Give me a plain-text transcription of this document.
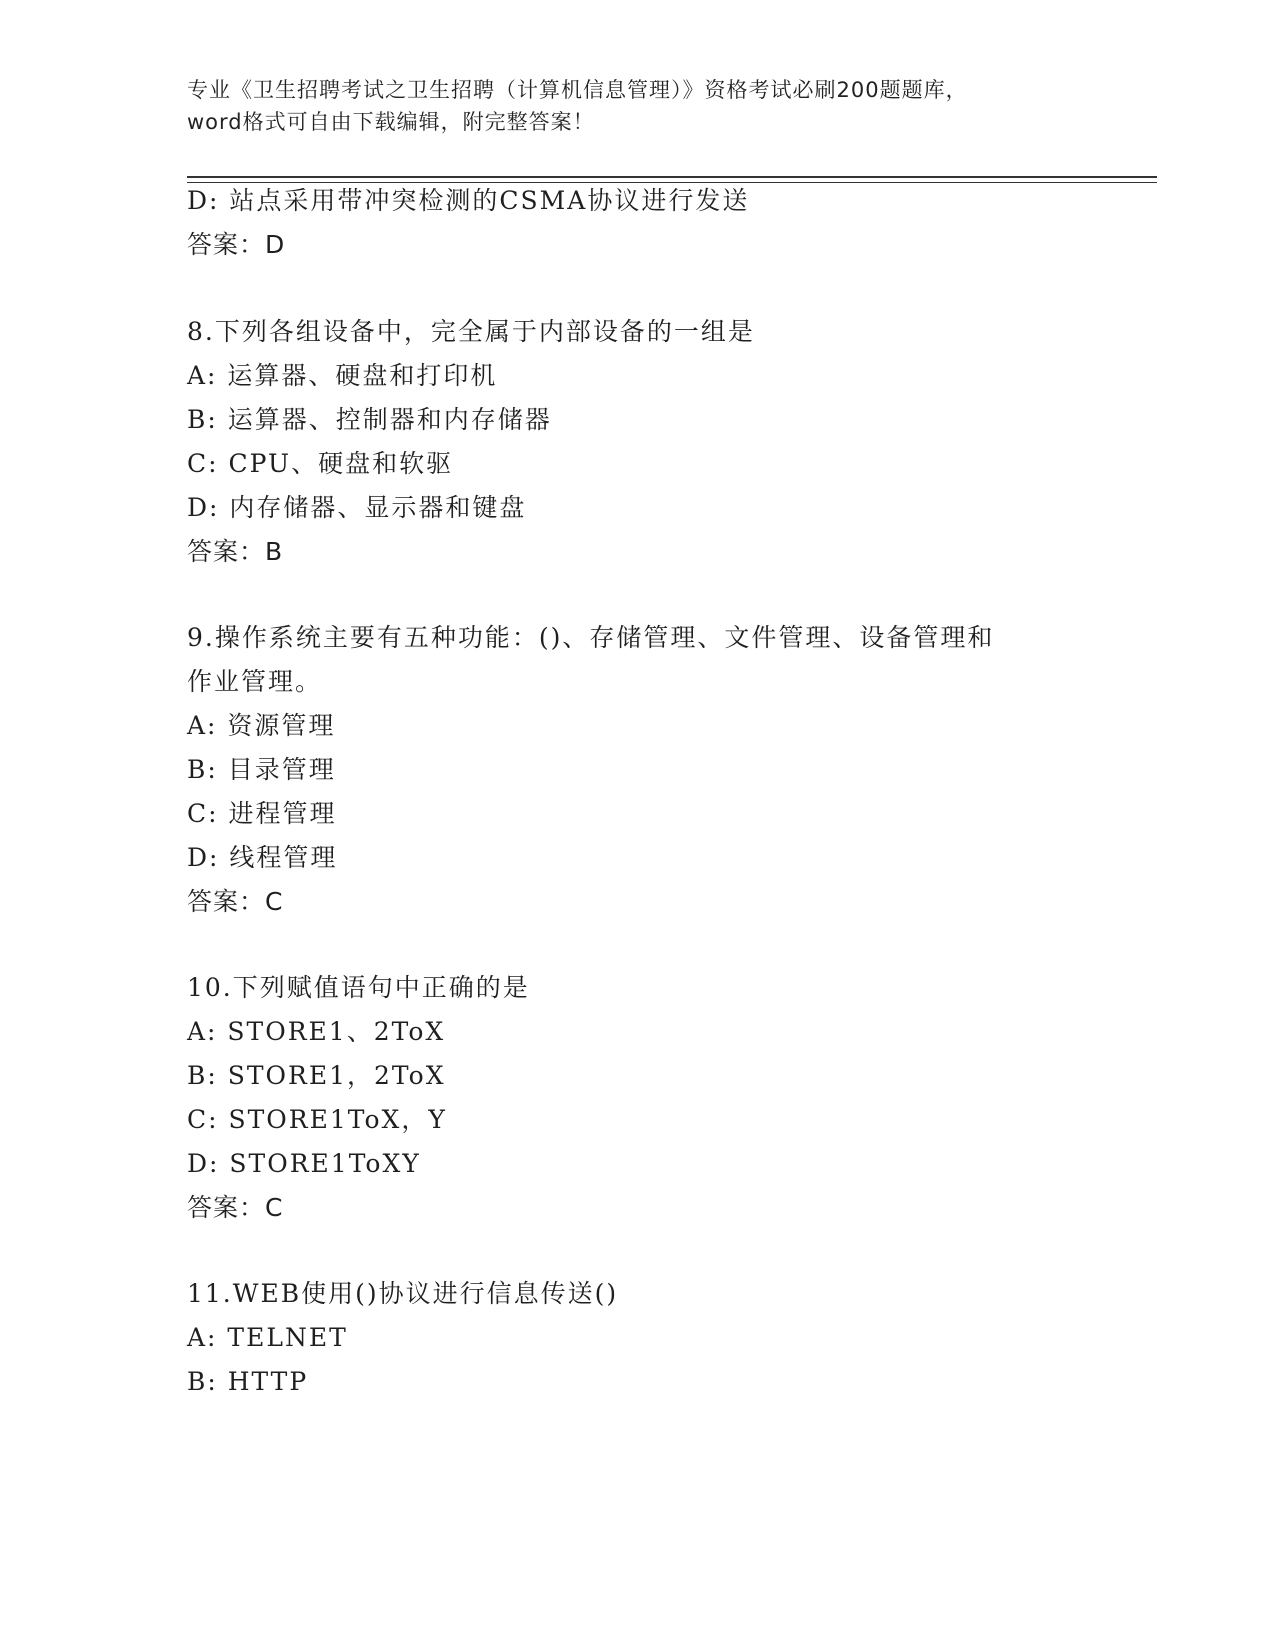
专业《卫生招聘考试之卫生招聘（计算机信息管理）》资格考试必刷200题题库，
word格式可自由下载编辑，附完整答案！
D: 站点采用带冲突检测的CSMA协议进行发送
答案：D
8.下列各组设备中，完全属于内部设备的一组是
A: 运算器、硬盘和打印机
B: 运算器、控制器和内存储器
C: CPU、硬盘和软驱
D: 内存储器、显示器和键盘
答案：B
9.操作系统主要有五种功能：()、存储管理、文件管理、设备管理和
作业管理。
A: 资源管理
B: 目录管理
C: 进程管理
D: 线程管理
答案：C
10.下列赋值语句中正确的是
A: STORE1、2ToX
B: STORE1，2ToX
C: STORE1ToX，Y
D: STORE1ToXY
答案：C
11.WEB使用()协议进行信息传送()
A: TELNET
B: HTTP
